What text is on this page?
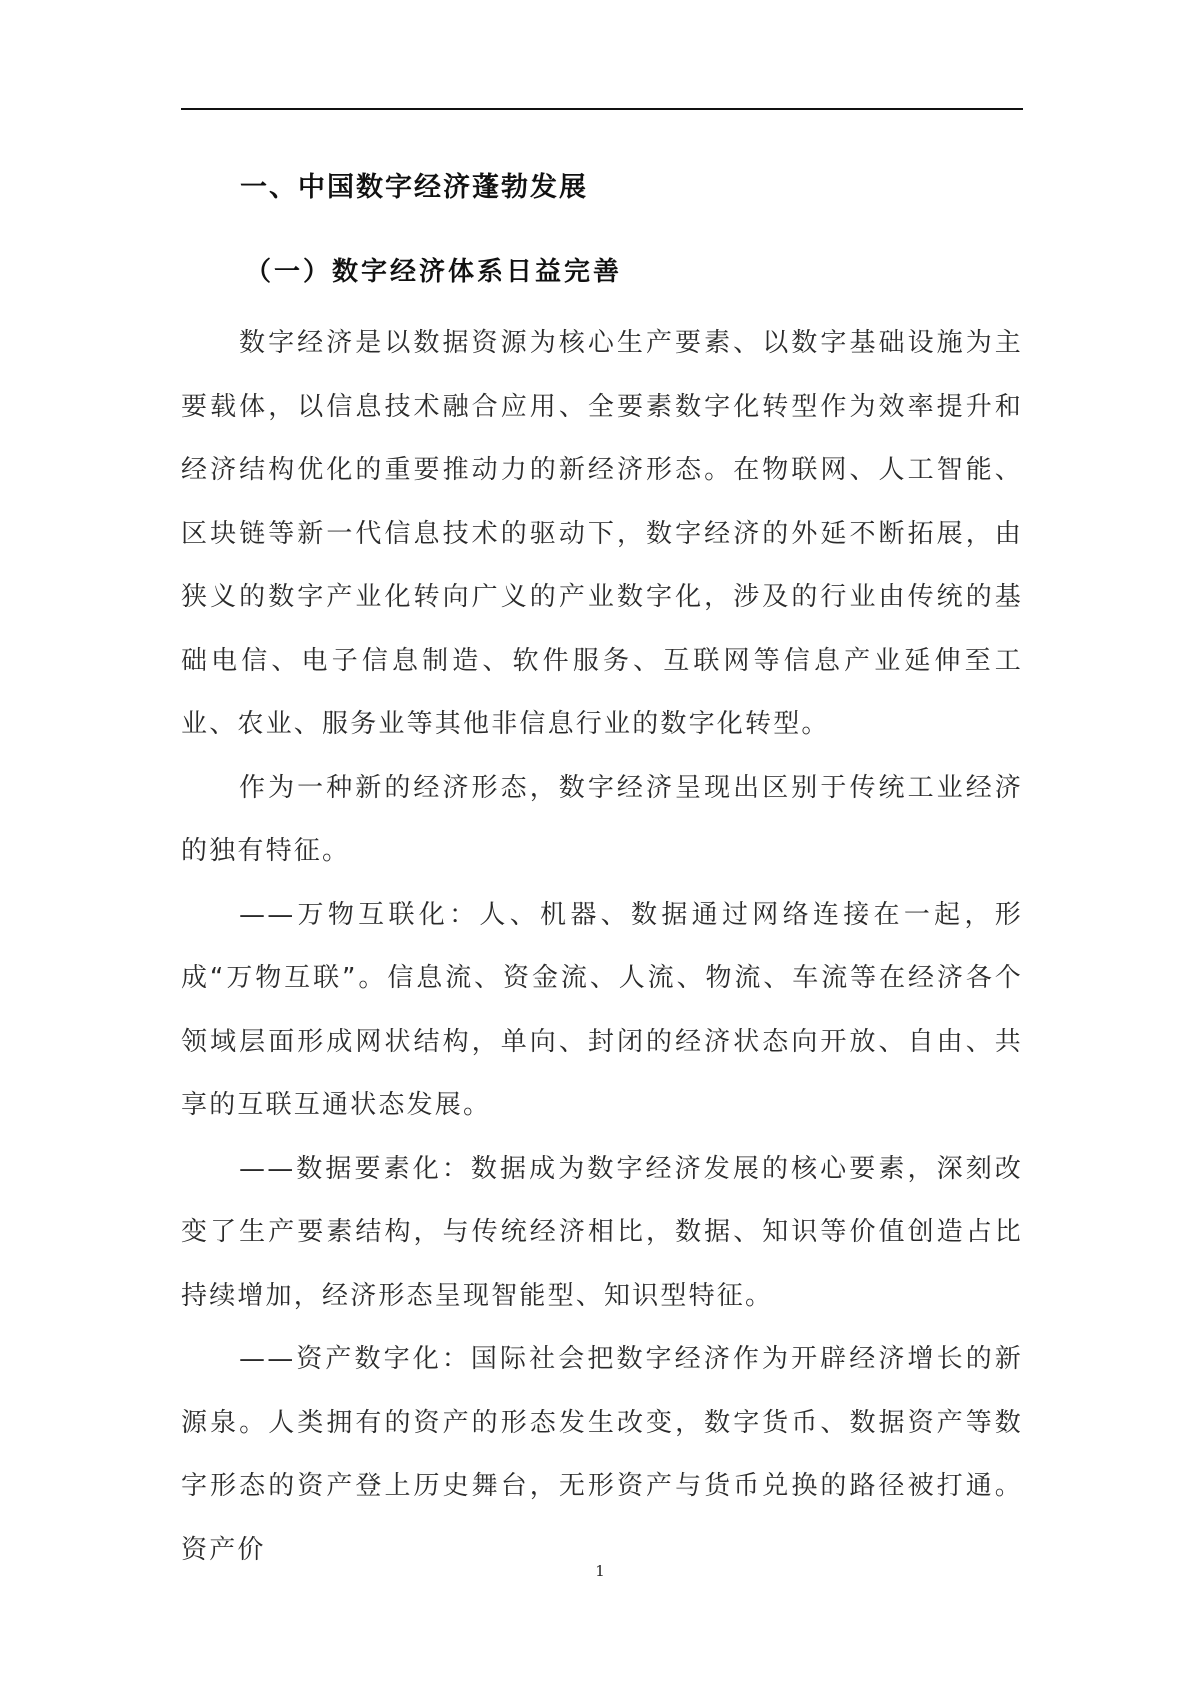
一、中国数字经济蓬勃发展
（一）数字经济体系日益完善

数字经济是以数据资源为核心生产要素、以数字基础设施为主要载体，以信息技术融合应用、全要素数字化转型作为效率提升和经济结构优化的重要推动力的新经济形态。在物联网、人工智能、区块链等新一代信息技术的驱动下，数字经济的外延不断拓展，由狭义的数字产业化转向广义的产业数字化，涉及的行业由传统的基础电信、电子信息制造、软件服务、互联网等信息产业延伸至工业、农业、服务业等其他非信息行业的数字化转型。

作为一种新的经济形态，数字经济呈现出区别于传统工业经济的独有特征。

——万物互联化：人、机器、数据通过网络连接在一起，形成“万物互联”。信息流、资金流、人流、物流、车流等在经济各个领域层面形成网状结构，单向、封闭的经济状态向开放、自由、共享的互联互通状态发展。

——数据要素化：数据成为数字经济发展的核心要素，深刻改变了生产要素结构，与传统经济相比，数据、知识等价值创造占比持续增加，经济形态呈现智能型、知识型特征。

——资产数字化：国际社会把数字经济作为开辟经济增长的新源泉。人类拥有的资产的形态发生改变，数字货币、数据资产等数字形态的资产登上历史舞台，无形资产与货币兑换的路径被打通。资产价

1
